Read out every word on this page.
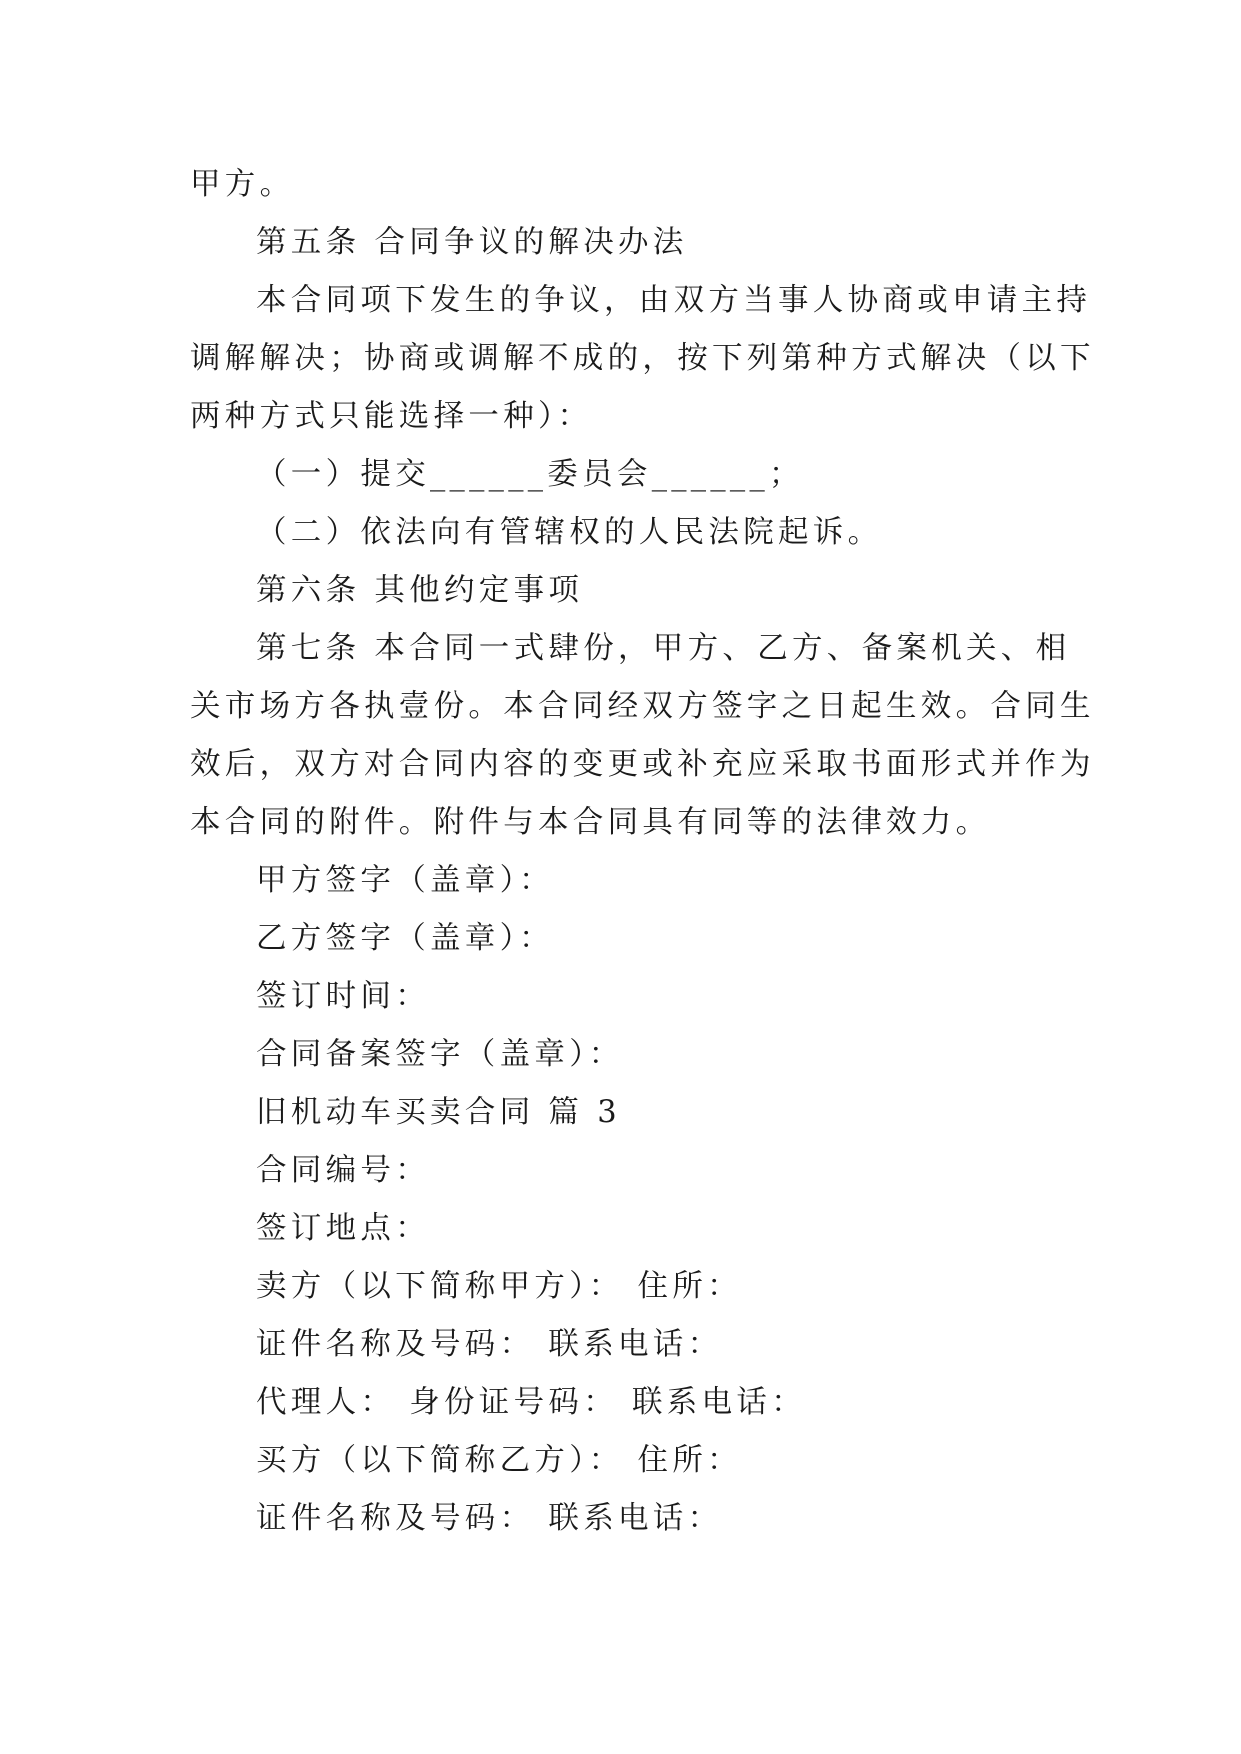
甲方。
第五条 合同争议的解决办法
本合同项下发生的争议，由双方当事人协商或申请主持
调解解决；协商或调解不成的，按下列第种方式解决（以下
两种方式只能选择一种）：
（一）提交______委员会______；
（二）依法向有管辖权的人民法院起诉。
第六条 其他约定事项
第七条 本合同一式肆份，甲方、乙方、备案机关、相
关市场方各执壹份。本合同经双方签字之日起生效。合同生
效后，双方对合同内容的变更或补充应采取书面形式并作为
本合同的附件。附件与本合同具有同等的法律效力。
甲方签字（盖章）：
乙方签字（盖章）：
签订时间：
合同备案签字（盖章）：
旧机动车买卖合同 篇 3
合同编号：
签订地点：
卖方（以下简称甲方）： 住所：
证件名称及号码： 联系电话：
代理人： 身份证号码： 联系电话：
买方（以下简称乙方）： 住所：
证件名称及号码： 联系电话：
